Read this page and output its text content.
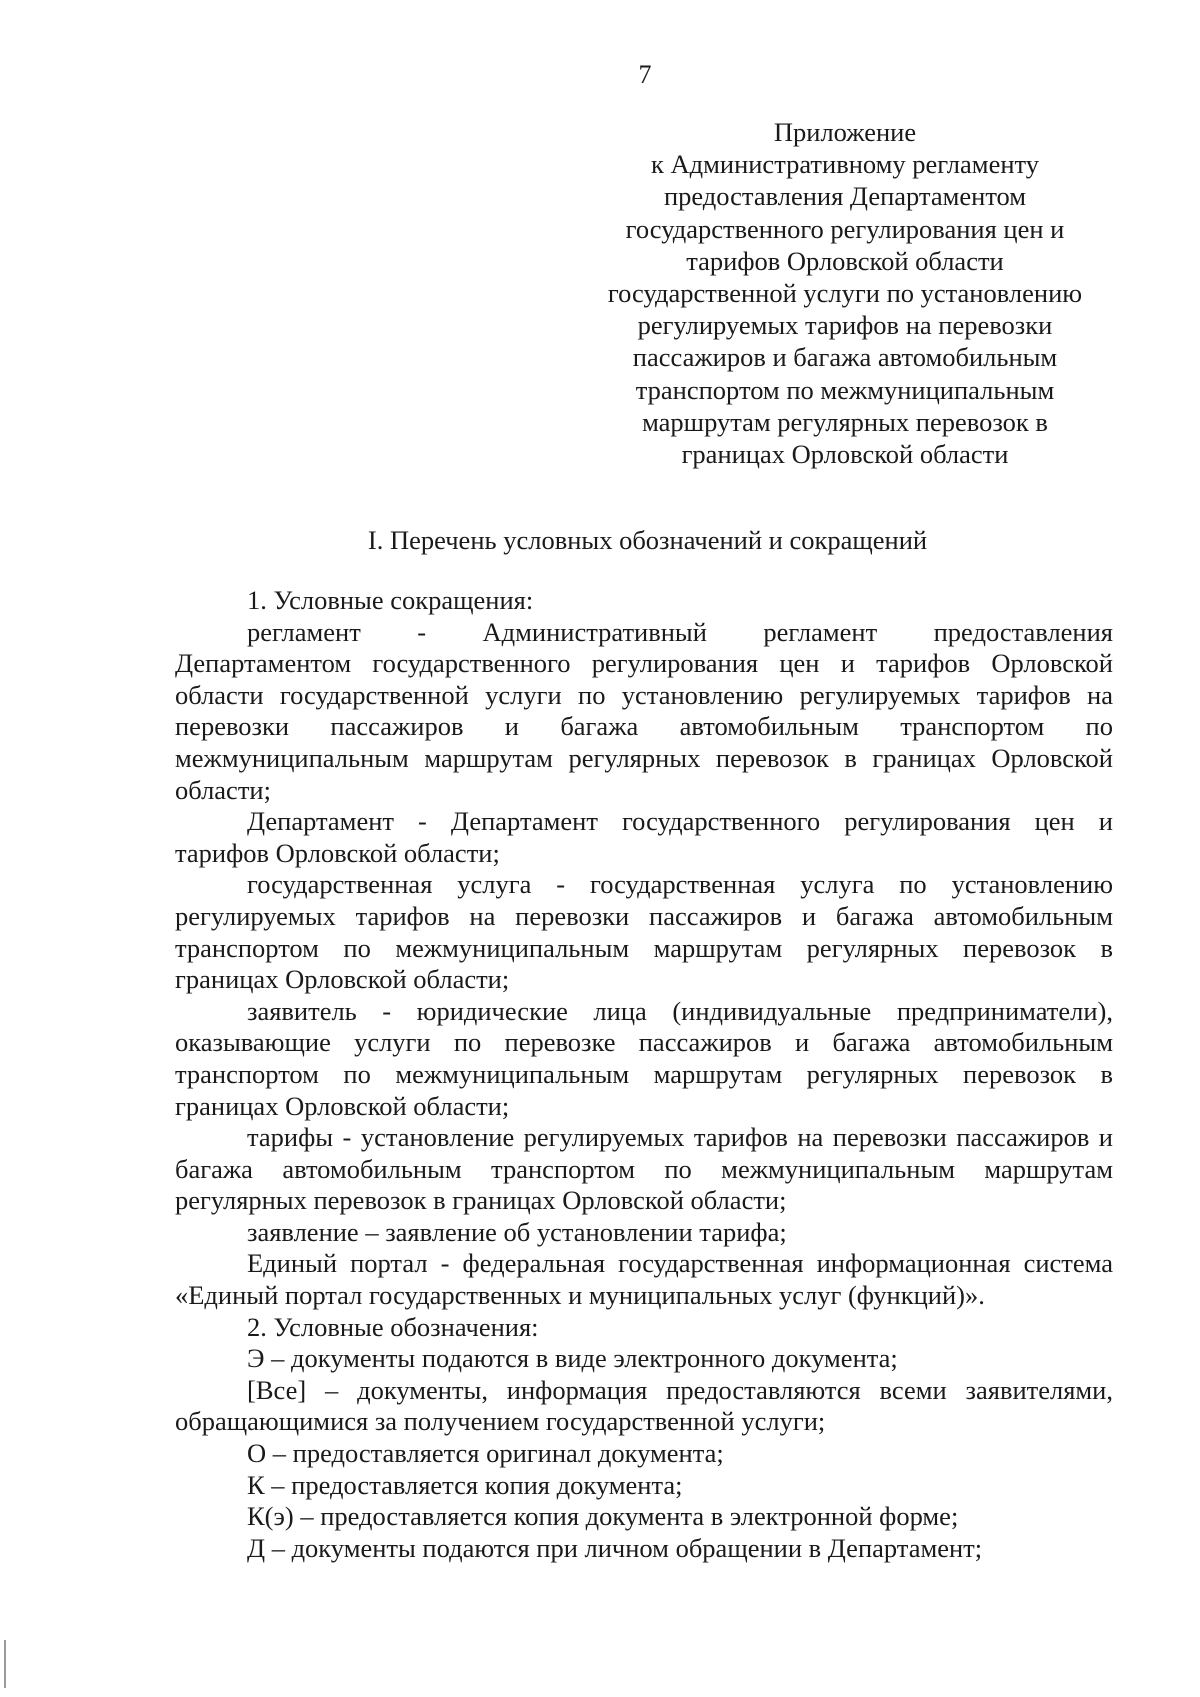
7
Приложение
к Административному регламенту
предоставления Департаментом
государственного регулирования цен и
тарифов Орловской области
государственной услуги по установлению
регулируемых тарифов на перевозки
пассажиров и багажа автомобильным
транспортом по межмуниципальным
маршрутам регулярных перевозок в
границах Орловской области
I. Перечень условных обозначений и сокращений
1. Условные сокращения:
регламент - Административный регламент предоставления
Департаментом государственного регулирования цен и тарифов Орловской
области государственной услуги по установлению регулируемых тарифов на
перевозки пассажиров и багажа автомобильным транспортом по
межмуниципальным маршрутам регулярных перевозок в границах Орловской
области;
Департамент - Департамент государственного регулирования цен и
тарифов Орловской области;
государственная услуга - государственная услуга по установлению
регулируемых тарифов на перевозки пассажиров и багажа автомобильным
транспортом по межмуниципальным маршрутам регулярных перевозок в
границах Орловской области;
заявитель - юридические лица (индивидуальные предприниматели),
оказывающие услуги по перевозке пассажиров и багажа автомобильным
транспортом по межмуниципальным маршрутам регулярных перевозок в
границах Орловской области;
тарифы - установление регулируемых тарифов на перевозки пассажиров и
багажа автомобильным транспортом по межмуниципальным маршрутам
регулярных перевозок в границах Орловской области;
заявление – заявление об установлении тарифа;
Единый портал - федеральная государственная информационная система
«Единый портал государственных и муниципальных услуг (функций)».
2. Условные обозначения:
Э – документы подаются в виде электронного документа;
[Все] – документы, информация предоставляются всеми заявителями,
обращающимися за получением государственной услуги;
О – предоставляется оригинал документа;
К – предоставляется копия документа;
К(э) – предоставляется копия документа в электронной форме;
Д – документы подаются при личном обращении в Департамент;
